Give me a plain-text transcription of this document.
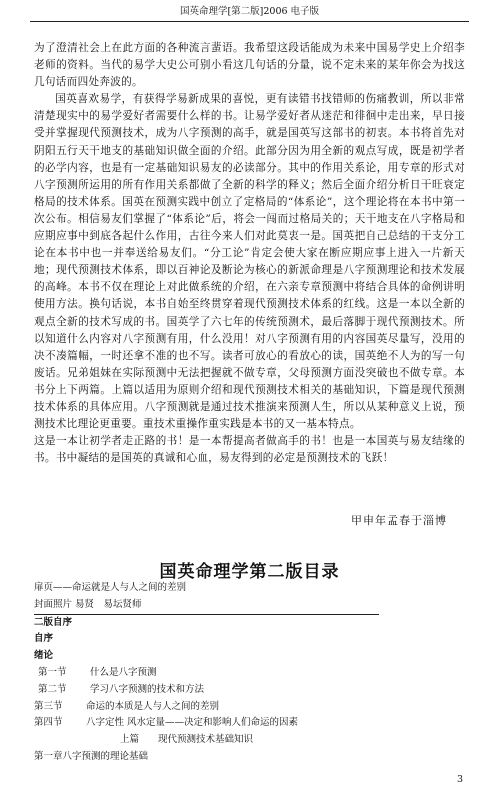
国英命理学[第二版]2006 电子版

为了澄清社会上在此方面的各种流言蜚语。我希望这段话能成为未来中国易学史上介绍李老师的资料。当代的易学大史公可别小看这几句话的分量，说不定未来的某年你会为找这几句话而四处奔波的。

国英喜欢易学，有获得学易新成果的喜悦，更有读错书找错师的伤痛教训，所以非常清楚现实中的易学爱好者需要什么样的书。让易学爱好者从迷茫和徘徊中走出来，早日接受并掌握现代预测技术，成为八字预测的高手，就是国英写这部书的初衷。本书将首先对阴阳五行天干地支的基础知识做全面的介绍。此部分因为用全新的观点写成，既是初学者的必学内容，也是有一定基础知识易友的必读部分。其中的作用关系论，用专章的形式对八字预测所运用的所有作用关系都做了全新的科学的释义；然后全面介绍分析日干旺衰定格局的技术体系。国英在预测实践中创立了定格局的“体系论”，这个理论将在本书中第一次公布。相信易友们掌握了“体系论”后，将会一闯而过格局关的；天干地支在八字格局和应期应事中到底各起什么作用，古往今来人们对此莫衷一是。国英把自己总结的干支分工论在本书中也一并奉送给易友们。“分工论”肯定会使大家在断应期应事上进入一片新天地；现代预测技术体系，即以百神论及断论为核心的新派命理是八字预测理论和技术发展的高峰。本书不仅在理论上对此做系统的介绍，在六亲专章预测中将结合具体的命例讲明使用方法。换句话说，本书自始至终贯穿着现代预测技术体系的红线。这是一本以全新的观点全新的技术写成的书。国英学了六七年的传统预测术，最后落脚于现代预测技术。所以知道什么内容对八字预测有用，什么没用！对八字预测有用的内容国英尽量写，没用的决不凑篇幅，一时还拿不准的也不写。读者可放心的看放心的读，国英绝不人为的写一句废话。兄弟姐妹在实际预测中无法把握就不做专章，父母预测方面没突破也不做专章。本书分上下两篇。上篇以适用为原则介绍和现代预测技术相关的基础知识，下篇是现代预测技术体系的具体应用。八字预测就是通过技术推演来预测人生，所以从某种意义上说，预测技术比理论更重要。重技术重操作重实践是本书的又一基本特点。

这是一本让初学者走正路的书！是一本帮提高者做高手的书！也是一本国英与易友结缘的书。书中凝结的是国英的真诚和心血，易友得到的必定是预测技术的飞跃！

甲申年孟春于淄博
国英命理学第二版目录
扉页——命运就是人与人之间的差别
封面照片 易贤　易坛贤师
二版自序
自序
绪论
第一节 什么是八字预测
第二节 学习八字预测的技术和方法
第三节 命运的本质是人与人之间的差别
第四节 八字定性 风水定量——决定和影响人们命运的因素
上篇 现代预测技术基础知识
第一章八字预测的理论基础
3
